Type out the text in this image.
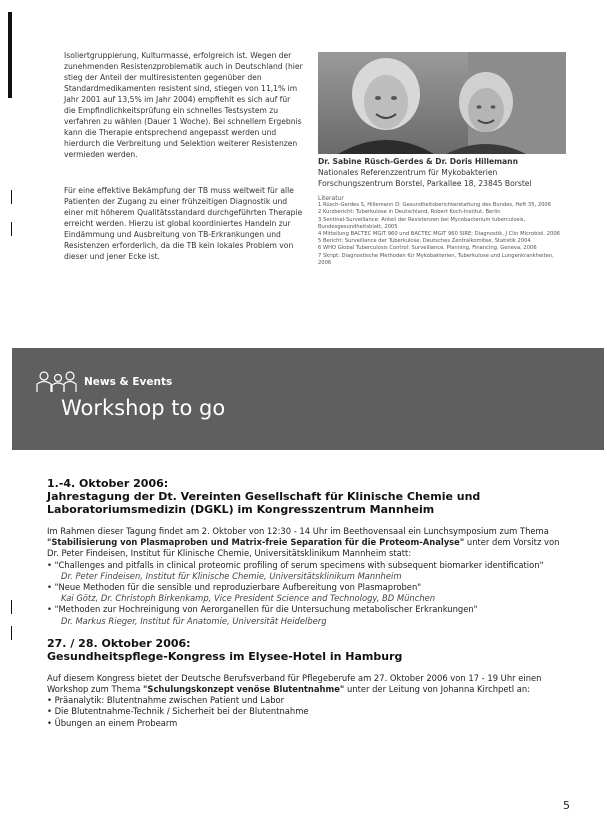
Isoliertgruppierung, Kulturmasse, erfolgreich ist. Wegen der zunehmenden Resistenzproblematik auch in Deutschland (hier stieg der Anteil der multiresistenten gegenüber den Standardmedikamenten resistent sind, stiegen von 11,1% im Jahr 2001 auf 13,5% im Jahr 2004) empfiehlt es sich auf für die Empfindlichkeitsprüfung ein schnelles Testsystem zu verfahren zu wählen (Dauer 1 Woche). Bei schnellem Ergebnis kann die Therapie entsprechend angepasst werden und hierdurch die Verbreitung und Selektion weiterer Resistenzen vermieden werden.

Für eine effektive Bekämpfung der TB muss weltweit für alle Patienten der Zugang zu einer frühzeitigen Diagnostik und einer mit höherem Qualitätsstandard durchgeführten Therapie erreicht werden. Hierzu ist global koordiniertes Handeln zur Eindämmung und Ausbreitung von TB-Erkrankungen und Resistenzen erforderlich, da die TB kein lokales Problem von dieser und jener Ecke ist.

Dr. Sabine Rüsch-Gerdes & Dr. Doris Hillemann
Nationales Referenzzentrum für Mykobakterien
Forschungszentrum Borstel, Parkallee 18, 23845 Borstel
Literatur
1 Rüsch-Gerdes S, Hillemann D: Gesundheitsberichterstattung des Bundes, Heft 35, 2006
2 Kurzbericht: Tuberkulose in Deutschland, Robert Koch-Institut, Berlin
3 Sentinel-Surveillance: Anteil der Resistenzen bei Mycobacterium tuberculosis, Bundesgesundheitsblatt, 2005
4 Mitteilung BACTEC MGIT 960 und BACTEC MGIT 960 SIRE; Diagnostik, J Clin Microbiol. 2006
5 Bericht: Surveillance der Tuberkulose, Deutsches Zentralkomitee, Statistik 2004
6 WHO Global Tuberculosis Control: Surveillance, Planning, Financing. Geneva, 2006
7 Skript: Diagnostische Methoden für Mykobakterien, Tuberkulose und Lungenkrankheiten, 2006
News & Events
Workshop to go
1.-4. Oktober 2006:
Jahrestagung der Dt. Vereinten Gesellschaft für Klinische Chemie und Laboratoriumsmedizin (DGKL) im Kongresszentrum Mannheim

Im Rahmen dieser Tagung findet am 2. Oktober von 12:30 - 14 Uhr im Beethovensaal ein Lunchsymposium zum Thema "Stabilisierung von Plasmaproben und Matrix-freie Separation für die Proteom-Analyse" unter dem Vorsitz von Dr. Peter Findeisen, Institut für Klinische Chemie, Universitätsklinikum Mannheim statt:

• "Challenges and pitfalls in clinical proteomic profiling of serum specimens with subsequent biomarker identification"
Dr. Peter Findeisen, Institut für Klinische Chemie, Universitätsklinikum Mannheim
• "Neue Methoden für die sensible und reproduzierbare Aufbereitung von Plasmaproben"
Kai Götz, Dr. Christoph Birkenkamp, Vice President Science and Technology, BD München
• "Methoden zur Hochreinigung von Aerorganellen für die Untersuchung metabolischer Erkrankungen"
Dr. Markus Rieger, Institut für Anatomie, Universität Heidelberg
27. / 28. Oktober 2006:
Gesundheitspflege-Kongress im Elysee-Hotel in Hamburg

Auf diesem Kongress bietet der Deutsche Berufsverband für Pflegeberufe am 27. Oktober 2006 von 17 - 19 Uhr einen Workshop zum Thema "Schulungskonzept venöse Blutentnahme" unter der Leitung von Johanna Kirchpetl an:

• Präanalytik: Blutentnahme zwischen Patient und Labor
• Die Blutentnahme-Technik / Sicherheit bei der Blutentnahme
• Übungen an einem Probearm
5
